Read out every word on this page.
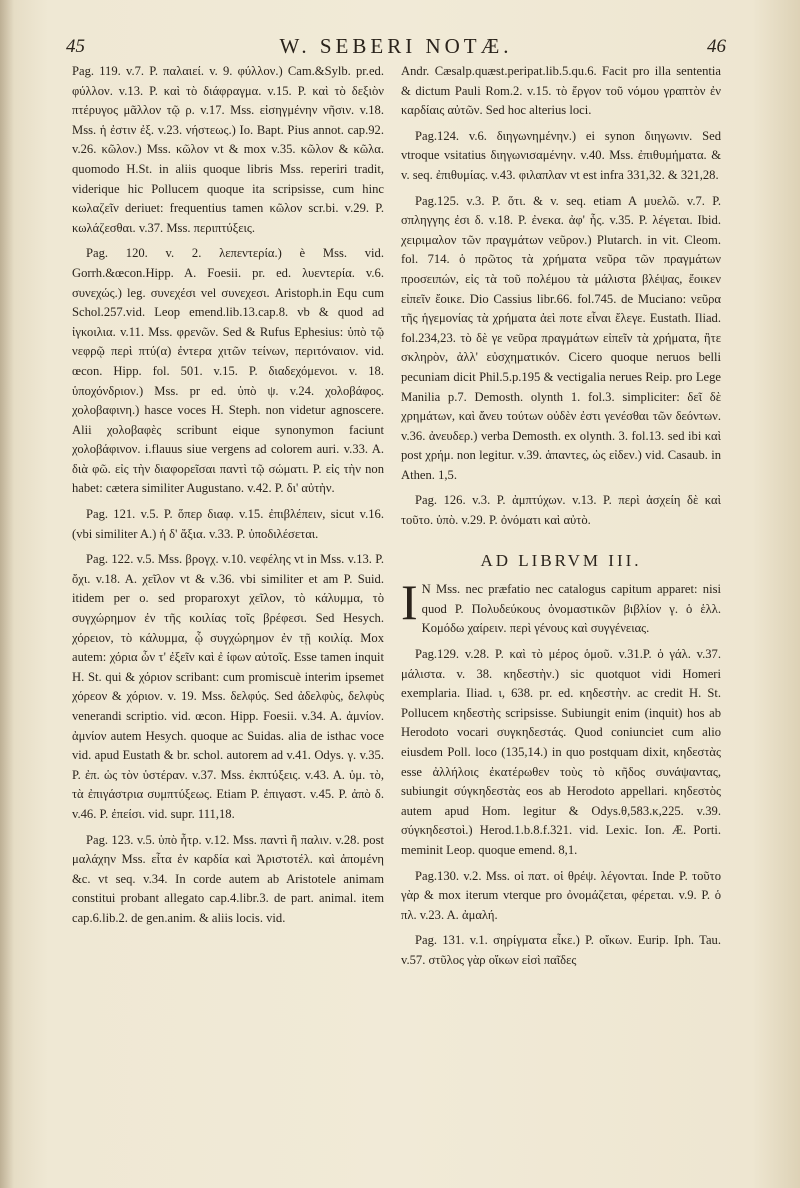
45	W. SEBERI NOTÆ.	46

Pag. 119. v.7. P. παλαιεί. v. 9. φύλλον.) Cam.&Sylb. pr.ed. φύλλον. v.13. P. καὶ τὸ διάφραγμα. v.15. P. καὶ τὸ δεξιὸν πτέρυγος μᾶλλον τῷ ρ. v.17. Mss. εἰσηγμένην νῆσιν. v.18. Mss. ἡ ἐστιν ἐξ. v.23. νήστεως.) Io. Bapt. Pius annot. cap.92. v.26. κῶλον.) Mss. κῶλον vt & mox v.35. κῶλον & κῶλα. quomodo H.St. in aliis quoque libris Mss. reperiri tradit, viderique hic Pollucem quoque ita scripsisse, cum hinc κωλαζεῖν deriuet: frequentius tamen κῶλον scr.bi. v.29. P. κωλάζεσθαι. v.37. Mss. περιπτύξεις.

Pag. 120. v. 2. λεπεντερία.) è Mss. vid. Gorrh.&œcon.Hipp. A. Foesii. pr. ed. λυεντερία. v.6. συνεχώς.) leg. συνεχέσι vel συνεχεσι. Aristoph.in Equ cum Schol.257.vid. Leop emend.lib.13.cap.8. vb & quod ad ἰγκοιλια. v.11. Mss. φρενῶν. Sed & Rufus Ephesius: ὑπὸ τῷ νεφρῷ περὶ πτύ(α) ἐντερα χιτῶν τείνων, περιτόναιον. vid. œcon. Hipp. fol. 501. v.15. P. διαδεχόμενοι. v. 18. ὑποχόνδριον.) Mss. pr ed. ὑπὸ ψ. v.24. χολοβάφος. χολοβαφινη.) hasce voces H. Steph. non videtur agnoscere. Alii χολοβαφὲς scribunt eique synonymon faciunt χολοβάφινον. i.flauus siue vergens ad colorem auri. v.33. A. διὰ φῶ. εἰς τὴν διαφορεῖσαι παντὶ τῷ σώματι. P. εἰς τὴν non habet: cætera similiter Augustano. v.42. P. δι' αὐτὴν.

Pag. 121. v.5. P. ὅπερ διαφ. v.15. ἐπιβλέπειν, sicut v.16. (vbi similiter A.) ἡ δ' ἄξια. v.33. P. ὑποδιλέσεται.

Pag. 122. v.5. Mss. βρογχ. v.10. νεφέλης vt in Mss. v.13. P. ὄχι. v.18. A. χεῖλον vt & v.36. vbi similiter et am P. Suid. itidem per ο. sed proparoxyt χεῖλον, τὸ κάλυμμα, τὸ συγχώρημον ἐν τῆς κοιλίας τοῖς βρέφεσι. Sed Hesych. χόρειον, τὸ κάλυμμα, ᾧ συγχώρημον ἐν τῇ κοιλίᾳ. Mox autem: χόρια ὧν τ' ἐξεῖν καὶ ἐ ίφων αὐτοῖς. Esse tamen inquit H. St. qui & χόριον scribant: cum promiscuè interim ipsemet χόρεον & χόριον. v. 19. Mss. δελφύς. Sed ἀδελφὺς, δελφὺς venerandi scriptio. vid. œcon. Hipp. Foesii. v.34. A. ἀμνίον. ἀμνίον autem Hesych. quoque ac Suidas. alia de isthac voce vid. apud Eustath & br. schol. autorem ad v.41. Odys. γ. v.35. P. ἐπ. ὡς τὸν ὑστέραν. v.37. Mss. ἐκπτύξεις. v.43. A. ὑμ. τὸ, τὰ ἐπιγάστρια συμπτύξεως. Etiam P. ἐπιγαστ. v.45. P. ἀπὸ δ. v.46. P. ἐπείσι. vid. supr. 111,18.

Pag. 123. v.5. ὑπὸ ἦτρ. v.12. Mss. παντὶ ἢ παλιν. v.28. post μαλάχην Mss. εἶτα ἐν καρδία καὶ Ἀριστοτέλ. καὶ ἀπομένη &c. vt seq. v.34. In corde autem ab Aristotele animam constitui probant allegato cap.4.libr.3. de part. animal. item cap.6.lib.2. de gen.anim. & aliis locis. vid.

Andr. Cæsalp.quæst.peripat.lib.5.qu.6. Facit pro illa sententia & dictum Pauli Rom.2. v.15. τὸ ἔργον τοῦ νόμου γραπτὸν ἐν καρδίαις αὐτῶν. Sed hoc alterius loci.

Pag.124. v.6. διηγωνημένην.) ei synon διηγωνιν. Sed vtroque vsitatius διηγωνισαμένην. v.40. Mss. ἐπιθυμήματα. & v. seq. ἐπιθυμίας. v.43. φιλαπλαν vt est infra 331,32. & 321,28.

Pag.125. v.3. P. ὅτι. & v. seq. etiam A μυελῶ. v.7. P. σπληγγης ἐσι δ. v.18. P. ἐνεκα. ἀφ' ἧς. v.35. P. λέγεται. Ibid. χειριμαλον τῶν πραγμάτων νεῦρον.) Plutarch. in vit. Cleom. fol. 714. ὁ πρῶτος τὰ χρήματα νεῦρα τῶν πραγμάτων προσειπών, εἰς τὰ τοῦ πολέμου τὰ μάλιστα βλέψας, ἔοικεν εἰπεῖν ἔοικε. Dio Cassius libr.66. fol.745. de Muciano: νεῦρα τῆς ἡγεμονίας τὰ χρήματα ἀεὶ ποτε εἶναι ἔλεγε. Eustath. Iliad. fol.234,23. τὸ δὲ γε νεῦρα πραγμάτων εἰπεῖν τὰ χρήματα, ἢτε σκληρὸν, ἀλλ' εὐσχηματικόν. Cicero quoque neruos belli pecuniam dicit Phil.5.p.195 & vectigalia nerues Reip. pro Lege Manilia p.7. Demosth. olynth 1. fol.3. simpliciter: δεῖ δὲ χρημάτων, καὶ ἄνευ τούτων οὐδὲν ἐστι γενέσθαι τῶν δεόντων. v.36. ἀνευδερ.) verba Demosth. ex olynth. 3. fol.13. sed ibi καὶ post χρήμ. non legitur. v.39. ἁπαντες, ὡς εἰδεν.) vid. Casaub. in Athen. 1,5.

Pag. 126. v.3. P. ἀμπτύχων. v.13. P. περὶ ἀσχείη δὲ καὶ τοῦτο. ὑπὸ. v.29. P. ὀνόματι καὶ αὐτὸ.

AD LIBRVM III.

I N Mss. nec præfatio nec catalogus capitum apparet: nisi quod P. Πολυδεύκους ὀνομαστικῶν βιβλίον γ. ὁ ἑλλ. Κομόδω χαίρειν. περὶ γένους καὶ συγγένειας.

Pag.129. v.28. P. καὶ τὸ μέρος ὁμοῦ. v.31.P. ὁ γάλ. v.37. μάλιστα. v. 38. κηδεστὴν.) sic quotquot vidi Homeri exemplaria. Iliad. ι, 638. pr. ed. κηδεστὴν. ac credit H. St. Pollucem κηδεστὴς scripsisse. Subiungit enim (inquit) hos ab Herodoto vocari συγκηδεστάς. Quod coniunciet cum alio eiusdem Poll. loco (135,14.) in quo postquam dixit, κηδεστὰς esse ἀλλήλοις ἐκατέρωθεν τοὺς τὸ κῆδος συνάψαντας, subiungit σύγκηδεστὰς eos ab Herodoto appellari. κηδεστὸς autem apud Hom. legitur & Odys.θ,583.κ,225. v.39. σύγκηδεστοὶ.) Herod.1.b.8.f.321. vid. Lexic. Ion. Æ. Porti. meminit Leop. quoque emend. 8,1.

Pag.130. v.2. Mss. οἱ πατ. οἱ θρέψ. λέγονται. Inde P. τοῦτο γὰρ & mox iterum vterque pro ὀνομάζεται, φέρεται. v.9. P. ὁ πλ. v.23. A. ἀμαλή.

Pag. 131. v.1. σηρίγματα εἶκε.) P. οἴκων. Eurip. Iph. Tau. v.57. στῦλος γὰρ οἴκων εἰσὶ παῖδες
